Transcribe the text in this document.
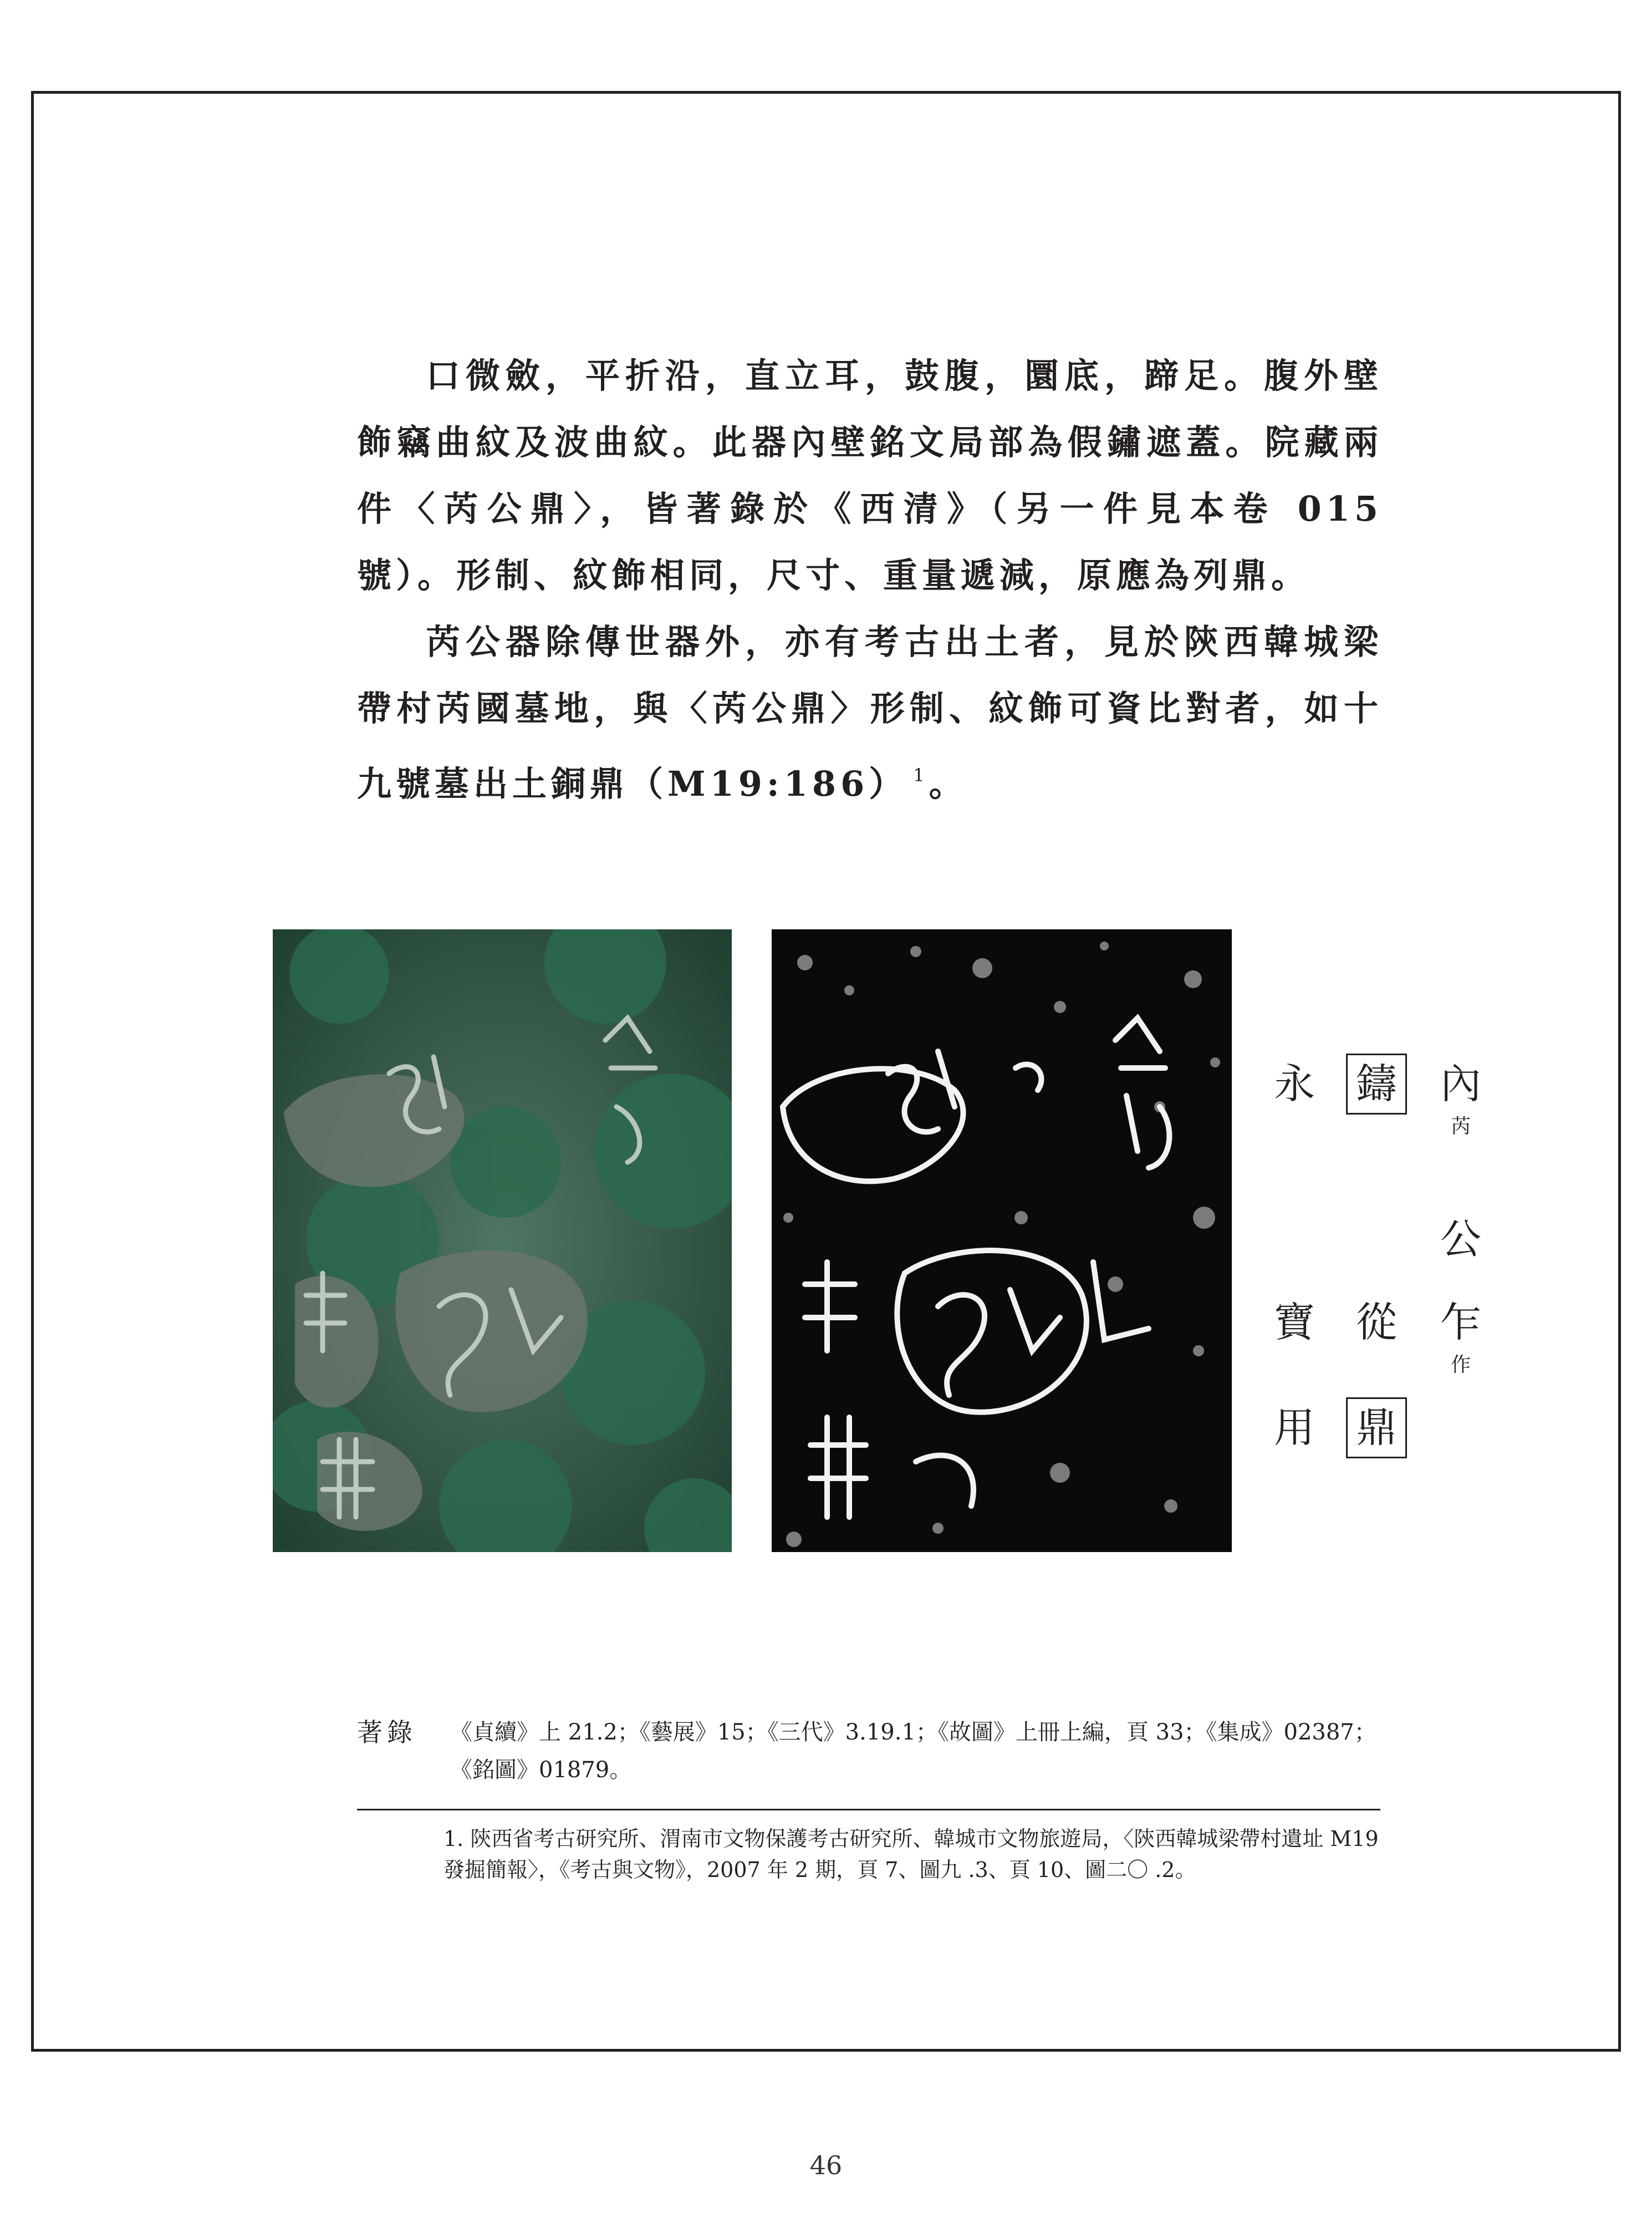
口微斂，平折沿，直立耳，鼓腹，圜底，蹄足。腹外壁飾竊曲紋及波曲紋。此器內壁銘文局部為假鏽遮蓋。院藏兩件〈芮公鼎〉，皆著錄於《西清》（另一件見本卷 015 號）。形制、紋飾相同，尺寸、重量遞減，原應為列鼎。

芮公器除傳世器外，亦有考古出土者，見於陝西韓城梁帶村芮國墓地，與〈芮公鼎〉形制、紋飾可資比對者，如十九號墓出土銅鼎（M19:186） $^1$。

內
芮
公
乍
作
鑄
從
鼎
永
寶
用
著錄 《貞續》上 21.2；《藝展》15；《三代》3.19.1；《故圖》上冊上編，頁 33；《集成》02387；《銘圖》01879。
1. 陝西省考古研究所、渭南市文物保護考古研究所、韓城市文物旅遊局，〈陝西韓城梁帶村遺址 M19 發掘簡報〉，《考古與文物》，2007 年 2 期，頁 7、圖九 .3、頁 10、圖二〇 .2。
46
